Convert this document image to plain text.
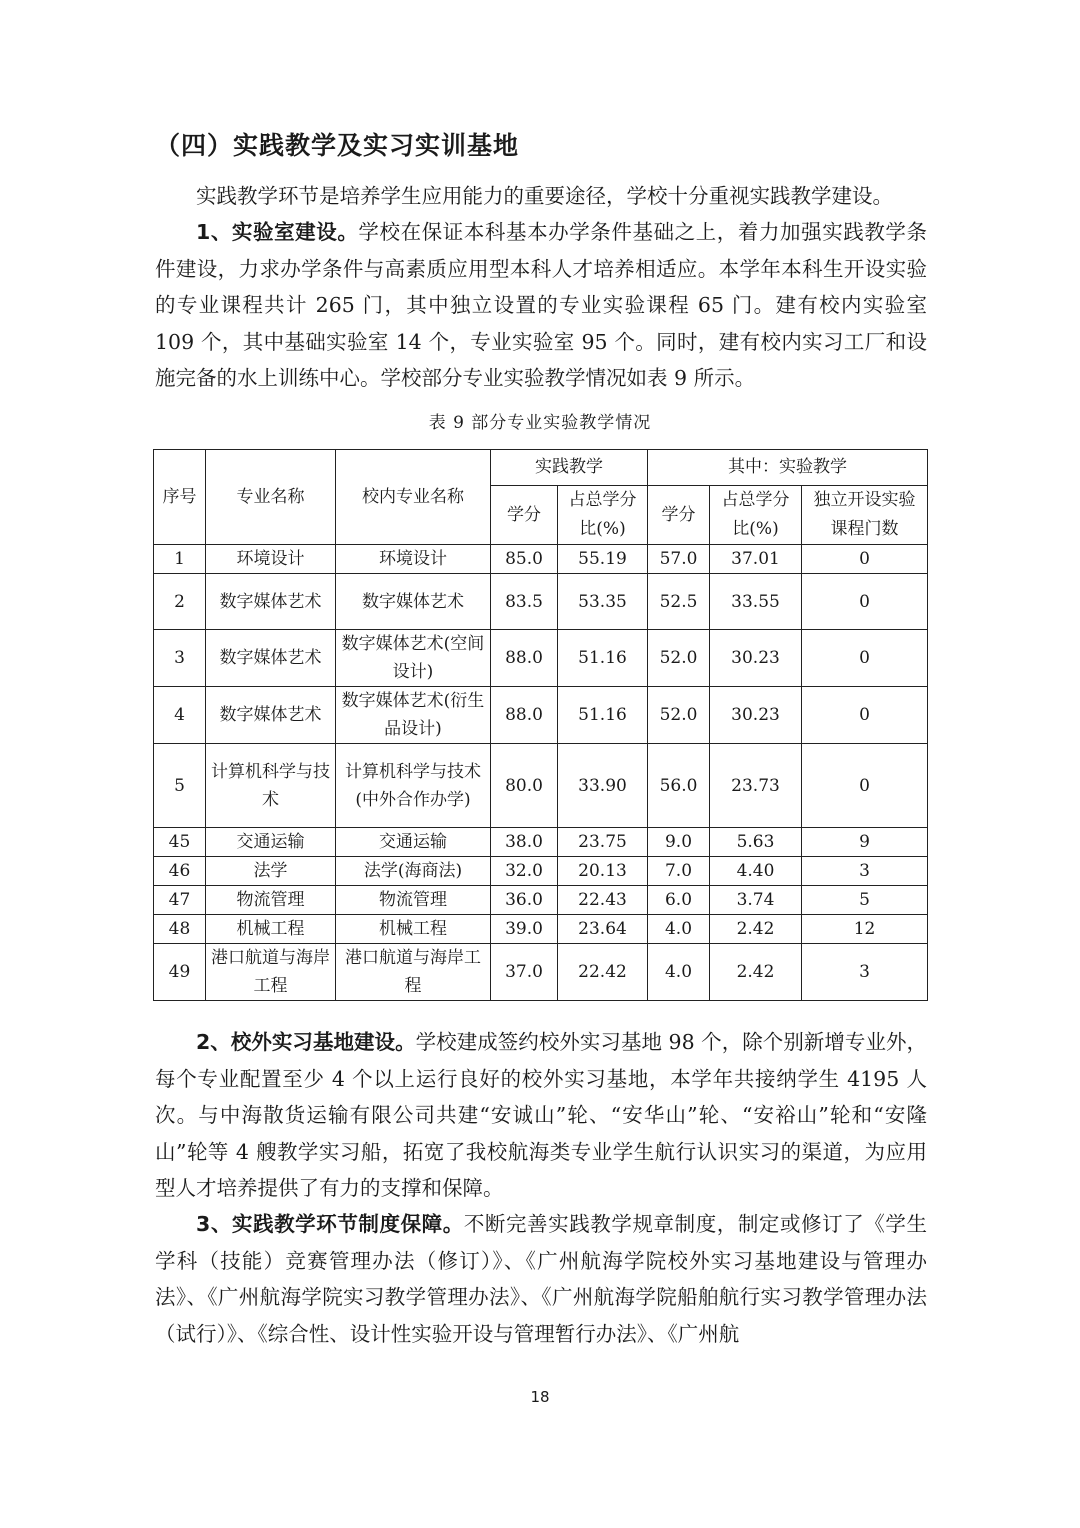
（四）实践教学及实习实训基地
实践教学环节是培养学生应用能力的重要途径，学校十分重视实践教学建设。
1、实验室建设。学校在保证本科基本办学条件基础之上，着力加强实践教学条件建设，力求办学条件与高素质应用型本科人才培养相适应。本学年本科生开设实验的专业课程共计 265 门，其中独立设置的专业实验课程 65 门。建有校内实验室 109 个，其中基础实验室 14 个，专业实验室 95 个。同时，建有校内实习工厂和设施完备的水上训练中心。学校部分专业实验教学情况如表 9 所示。
表 9 部分专业实验教学情况
序号	专业名称	校内专业名称	实践教学		其中：实验教学		
			学分	占总学分比(%)	学分	占总学分比(%)	独立开设实验课程门数
1	环境设计	环境设计	85.0	55.19	57.0	37.01	0
2	数字媒体艺术	数字媒体艺术	83.5	53.35	52.5	33.55	0
3	数字媒体艺术	数字媒体艺术(空间设计)	88.0	51.16	52.0	30.23	0
4	数字媒体艺术	数字媒体艺术(衍生品设计)	88.0	51.16	52.0	30.23	0
5	计算机科学与技术	计算机科学与技术(中外合作办学)	80.0	33.90	56.0	23.73	0
45	交通运输	交通运输	38.0	23.75	9.0	5.63	9
46	法学	法学(海商法)	32.0	20.13	7.0	4.40	3
47	物流管理	物流管理	36.0	22.43	6.0	3.74	5
48	机械工程	机械工程	39.0	23.64	4.0	2.42	12
49	港口航道与海岸工程	港口航道与海岸工程	37.0	22.42	4.0	2.42	3
2、校外实习基地建设。学校建成签约校外实习基地 98 个，除个别新增专业外，每个专业配置至少 4 个以上运行良好的校外实习基地，本学年共接纳学生 4195 人次。与中海散货运输有限公司共建“安诚山”轮、“安华山”轮、“安裕山”轮和“安隆山”轮等 4 艘教学实习船，拓宽了我校航海类专业学生航行认识实习的渠道，为应用型人才培养提供了有力的支撑和保障。
3、实践教学环节制度保障。不断完善实践教学规章制度，制定或修订了《学生学科（技能）竞赛管理办法（修订）》、《广州航海学院校外实习基地建设与管理办法》、《广州航海学院实习教学管理办法》、《广州航海学院船舶航行实习教学管理办法（试行）》、《综合性、设计性实验开设与管理暂行办法》、《广州航
18
